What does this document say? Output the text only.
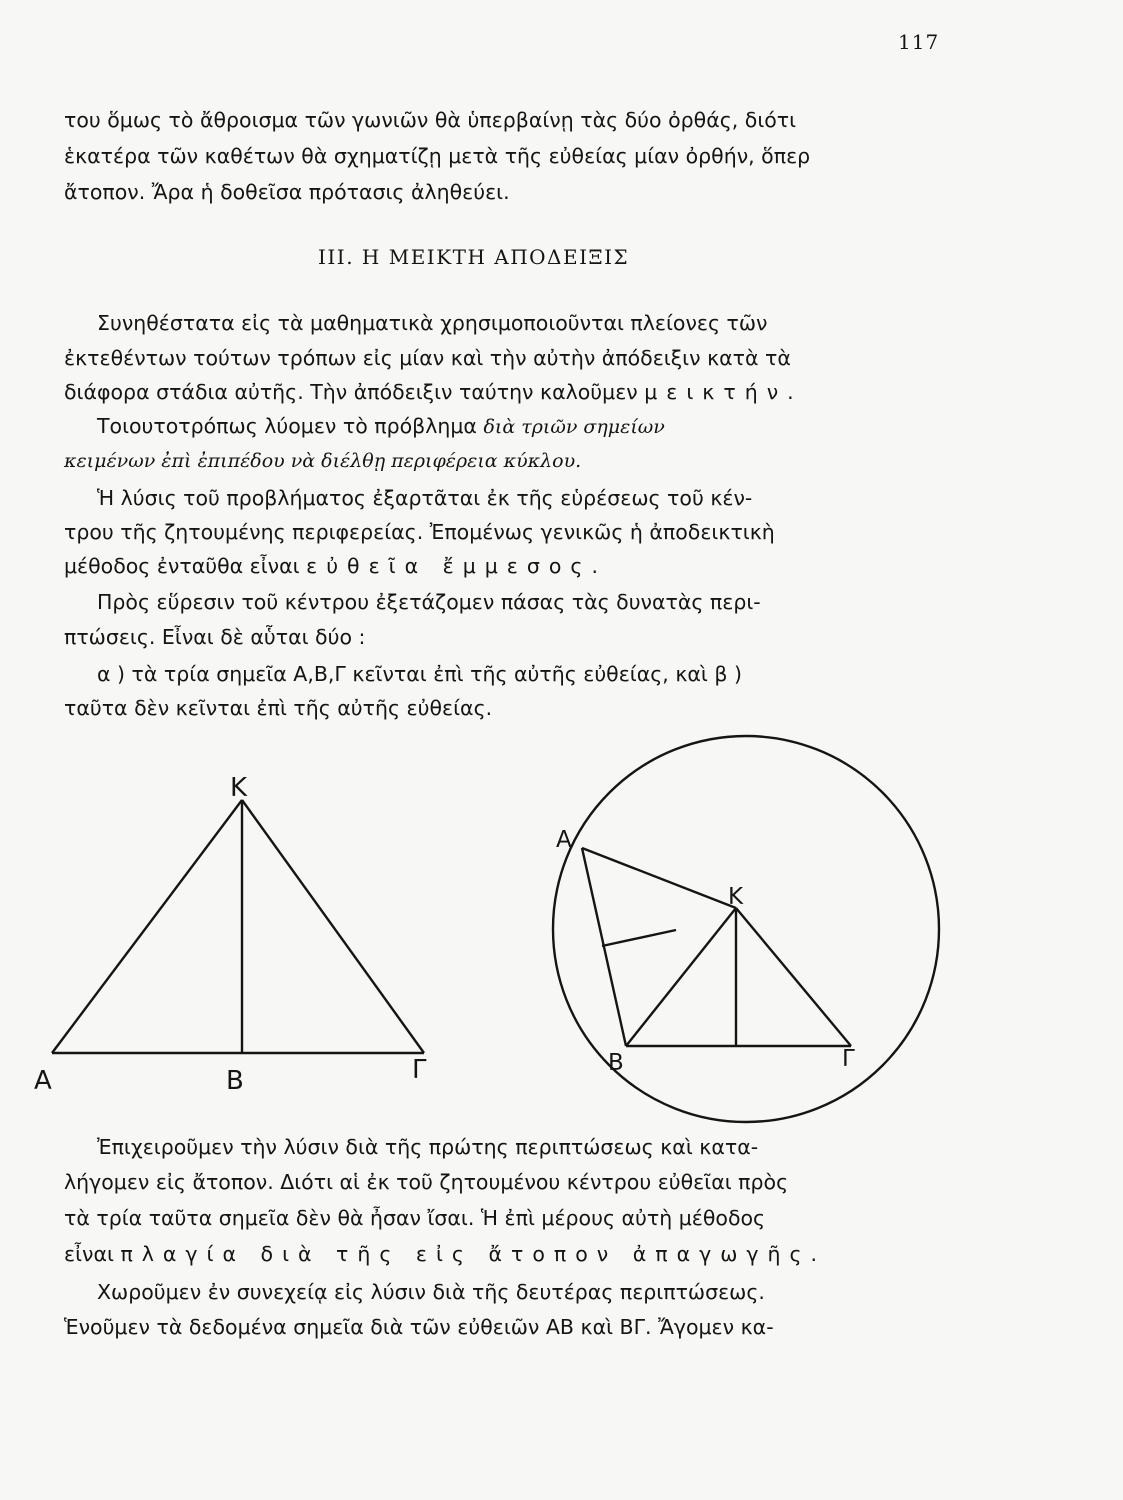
117
του ὅμως τὸ ἄθροισμα τῶν γωνιῶν θὰ ὑπερβαίνῃ τὰς δύο ὀρθάς, διότι
ἑκατέρα τῶν καθέτων θὰ σχηματίζῃ μετὰ τῆς εὐθείας μίαν ὀρθήν, ὅπερ
ἄτοπον. Ἄρα ἡ δοθεῖσα πρότασις ἀληθεύει.
III. Η ΜΕΙΚΤΗ ΑΠΟΔΕΙΞΙΣ
Συνηθέστατα εἰς τὰ μαθηματικὰ χρησιμοποιοῦνται πλείονες τῶν
ἐκτεθέντων τούτων τρόπων εἰς μίαν καὶ τὴν αὐτὴν ἀπόδειξιν κατὰ τὰ
διάφορα στάδια αὐτῆς. Τὴν ἀπόδειξιν ταύτην καλοῦμεν μεικτήν.
Τοιουτοτρόπως λύομεν τὸ πρόβλημα διὰ τριῶν σημείων
κειμένων ἐπὶ ἐπιπέδου νὰ διέλθῃ περιφέρεια κύκλου.
Ἡ λύσις τοῦ προβλήματος ἐξαρτᾶται ἐκ τῆς εὑρέσεως τοῦ κέν-
τρου τῆς ζητουμένης περιφερείας. Ἐπομένως γενικῶς ἡ ἀποδεικτικὴ
μέθοδος ἐνταῦθα εἶναι εὐθεῖα ἔμμεσος.
Πρὸς εὕρεσιν τοῦ κέντρου ἐξετάζομεν πάσας τὰς δυνατὰς περι-
πτώσεις. Εἶναι δὲ αὗται δύο :
α ) τὰ τρία σημεῖα Α,Β,Γ κεῖνται ἐπὶ τῆς αὐτῆς εὐθείας, καὶ β )
ταῦτα δὲν κεῖνται ἐπὶ τῆς αὐτῆς εὐθείας.
Κ
Α	Β	Γ
Α
Κ
Β	Γ
Ἐπιχειροῦμεν τὴν λύσιν διὰ τῆς πρώτης περιπτώσεως καὶ κατα-
λήγομεν εἰς ἄτοπον. Διότι αἱ ἐκ τοῦ ζητουμένου κέντρου εὐθεῖαι πρὸς
τὰ τρία ταῦτα σημεῖα δὲν θὰ ἦσαν ἴσαι. Ἡ ἐπὶ μέρους αὐτὴ μέθοδος
εἶναι πλαγία διὰ τῆς εἰς ἄτοπον ἀπαγωγῆς.
Χωροῦμεν ἐν συνεχείᾳ εἰς λύσιν διὰ τῆς δευτέρας περιπτώσεως.
Ἑνοῦμεν τὰ δεδομένα σημεῖα διὰ τῶν εὐθειῶν ΑΒ καὶ ΒΓ. Ἄγομεν κα-
